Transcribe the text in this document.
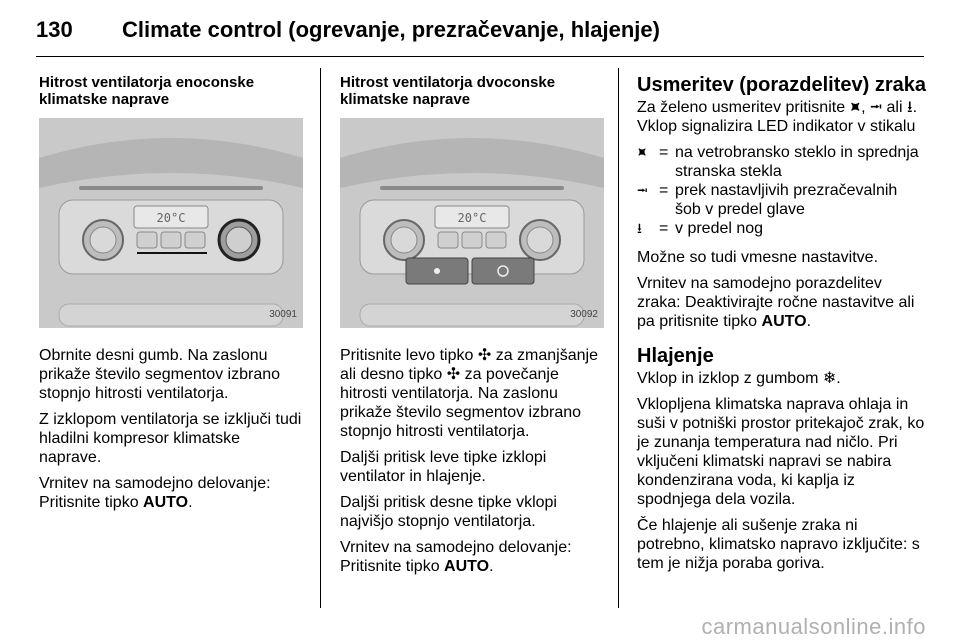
130	Climate control (ogrevanje, prezračevanje, hlajenje)
Hitrost ventilatorja enoconske
klimatske naprave
20°C
30091

Obrnite desni gumb. Na zaslonu prikaže število segmentov izbrano stopnjo hitrosti ventilatorja.

Z izklopom ventilatorja se izključi tudi hladilni kompresor klimatske naprave.

Vrnitev na samodejno delovanje: Pritisnite tipko AUTO.

Hitrost ventilatorja dvoconske
klimatske naprave
20°C
30092

Pritisnite levo tipko ✣ za zmanjšanje ali desno tipko ✣ za povečanje hitrosti ventilatorja. Na zaslonu prikaže število segmentov izbrano stopnjo hitrosti ventilatorja.

Daljši pritisk leve tipke izklopi ventilator in hlajenje.

Daljši pritisk desne tipke vklopi najvišjo stopnjo ventilatorja.

Vrnitev na samodejno delovanje: Pritisnite tipko AUTO.

Usmeritev (porazdelitev) zraka

Za želeno usmeritev pritisnite ⯍, ⭲ ali ⭳. Vklop signalizira LED indikator v stikalu

⯍ = na vetrobransko steklo in sprednja stranska stekla
⭲ = prek nastavljivih prezračevalnih šob v predel glave
⭳	= v predel nog

Možne so tudi vmesne nastavitve.

Vrnitev na samodejno porazdelitev zraka: Deaktivirajte ročne nastavitve ali pa pritisnite tipko AUTO.

Hlajenje

Vklop in izklop z gumbom ❄.

Vklopljena klimatska naprava ohlaja in suši v potniški prostor pritekajoč zrak, ko je zunanja temperatura nad ničlo. Pri vključeni klimatski napravi se nabira kondenzirana voda, ki kaplja iz spodnjega dela vozila.

Če hlajenje ali sušenje zraka ni potrebno, klimatsko napravo izključite: s tem je nižja poraba goriva.

carmanualsonline.info
